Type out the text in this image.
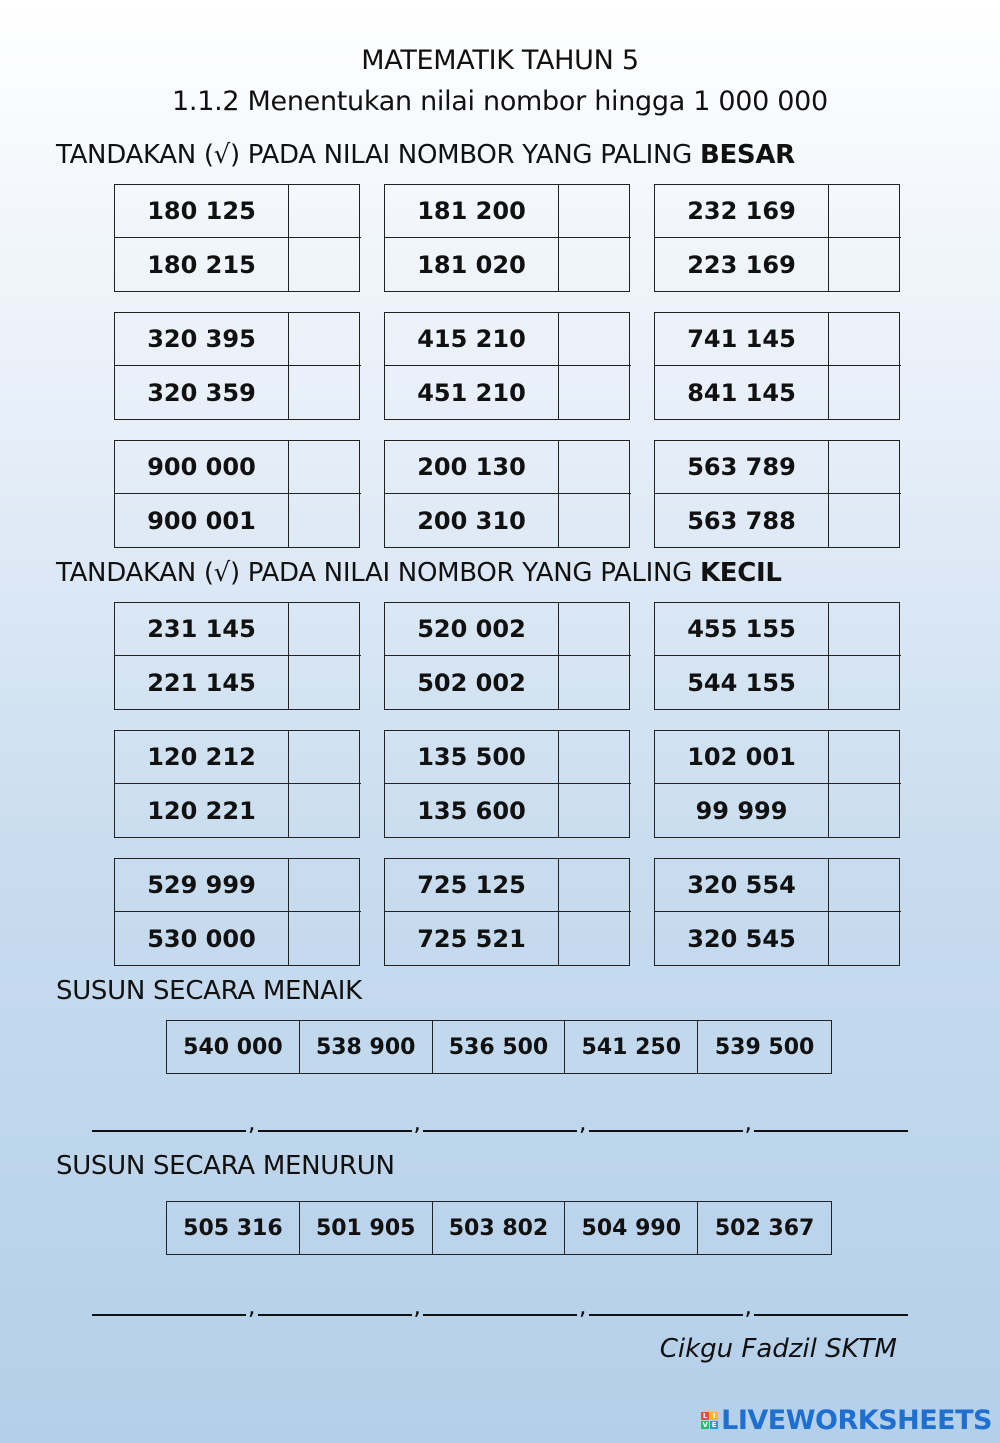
MATEMATIK TAHUN 5
1.1.2 Menentukan nilai nombor hingga 1 000 000
TANDAKAN (√) PADA NILAI NOMBOR YANG PALING BESAR
180 125
180 215
181 200
181 020
232 169
223 169
320 395
320 359
415 210
451 210
741 145
841 145
900 000
900 001
200 130
200 310
563 789
563 788
TANDAKAN (√) PADA NILAI NOMBOR YANG PALING KECIL
231 145
221 145
520 002
502 002
455 155
544 155
120 212
120 221
135 500
135 600
102 001
99 999
529 999
530 000
725 125
725 521
320 554
320 545
SUSUN SECARA MENAIK
540 000	538 900	536 500	541 250	539 500
,	,	,	,
SUSUN SECARA MENURUN
505 316	501 905	503 802	504 990	502 367
,	,	,	,
Cikgu Fadzil SKTM
L I
V E LIVEWORKSHEETS
